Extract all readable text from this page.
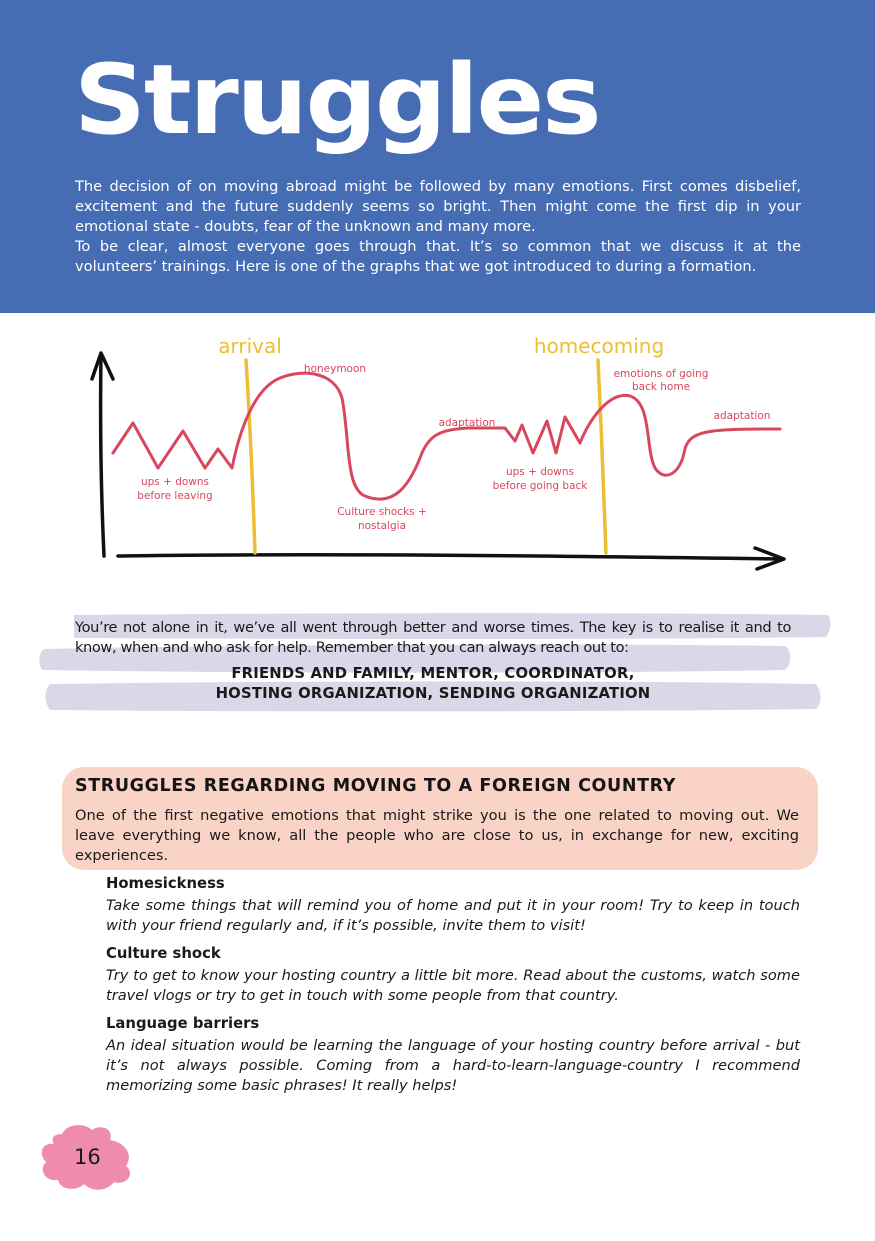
Struggles

The decision of on moving abroad might be followed by many emotions. First comes disbelief, excitement and the future suddenly seems so bright. Then might come the first dip in your emotional state - doubts, fear of the unknown and many more.

To be clear, almost everyone goes through that. It’s so common that we discuss it at the volunteers’ trainings. Here is one of the graphs that we got introduced to during a formation.

arrival	homecoming
honeymoon
ups + downs
before leaving
Culture shocks +
nostalgia
adaptation
ups + downs
before going back
emotions of going
back home
adaptation
You’re not alone in it, we’ve all went through better and worse times. The key is to realise it and to know, when and who ask for help. Remember that you can always reach out to:
FRIENDS AND FAMILY, MENTOR, COORDINATOR,
HOSTING ORGANIZATION, SENDING ORGANIZATION
STRUGGLES REGARDING MOVING TO A FOREIGN COUNTRY

One of the first negative emotions that might strike you is the one related to moving out. We leave everything we know, all the people who are close to us, in exchange for new, exciting experiences.

Homesickness

Take some things that will remind you of home and put it in your room! Try to keep in touch with your friend regularly and, if it’s possible, invite them to visit!

Culture shock

Try to get to know your hosting country a little bit more. Read about the customs, watch some travel vlogs or try to get in touch with some people from that country.

Language barriers

An ideal situation would be learning the language of your hosting country before arrival - but it’s not always possible. Coming from a hard-to-learn-language-country I recommend memorizing some basic phrases! It really helps!

16
